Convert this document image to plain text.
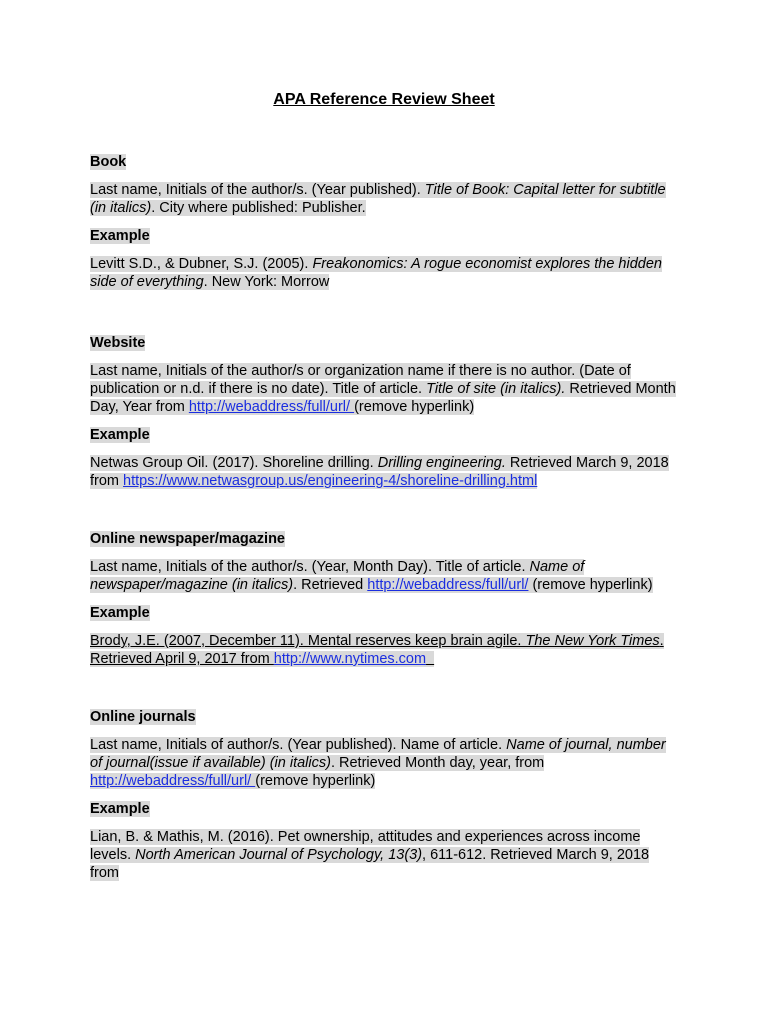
APA Reference Review Sheet

Book

Last name, Initials of the author/s. (Year published). Title of Book: Capital letter for subtitle (in italics). City where published: Publisher.

Example

Levitt S.D., & Dubner, S.J. (2005). Freakonomics: A rogue economist explores the hidden side of everything. New York: Morrow

Website

Last name, Initials of the author/s or organization name if there is no author. (Date of publication or n.d. if there is no date). Title of article. Title of site (in italics). Retrieved Month Day, Year from http://webaddress/full/url/ (remove hyperlink)

Example

Netwas Group Oil. (2017). Shoreline drilling. Drilling engineering. Retrieved March 9, 2018 from https://www.netwasgroup.us/engineering-4/shoreline-drilling.html

Online newspaper/magazine

Last name, Initials of the author/s. (Year, Month Day). Title of article. Name of newspaper/magazine (in italics). Retrieved http://webaddress/full/url/ (remove hyperlink)

Example

Brody, J.E. (2007, December 11). Mental reserves keep brain agile. The New York Times. Retrieved April 9, 2017 from http://www.nytimes.com

Online journals

Last name, Initials of author/s. (Year published). Name of article. Name of journal, number of journal(issue if available) (in italics). Retrieved Month day, year, from http://webaddress/full/url/ (remove hyperlink)

Example

Lian, B. & Mathis, M. (2016). Pet ownership, attitudes and experiences across income levels. North American Journal of Psychology, 13(3), 611-612. Retrieved March 9, 2018 from
